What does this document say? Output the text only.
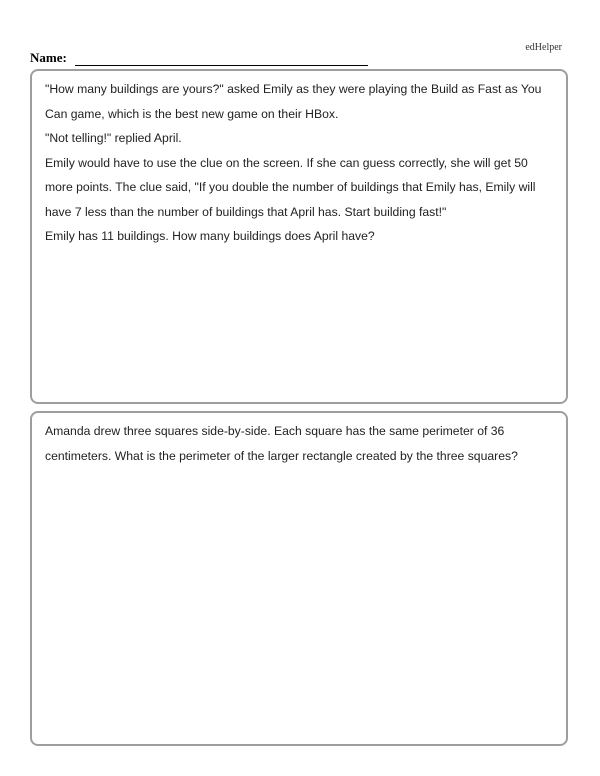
edHelper
Name:

"How many buildings are yours?" asked Emily as they were playing the Build as Fast as You Can game, which is the best new game on their HBox.

"Not telling!" replied April.

Emily would have to use the clue on the screen. If she can guess correctly, she will get 50 more points. The clue said, "If you double the number of buildings that Emily has, Emily will have 7 less than the number of buildings that April has. Start building fast!"

Emily has 11 buildings. How many buildings does April have?

Amanda drew three squares side-by-side. Each square has the same perimeter of 36 centimeters. What is the perimeter of the larger rectangle created by the three squares?
